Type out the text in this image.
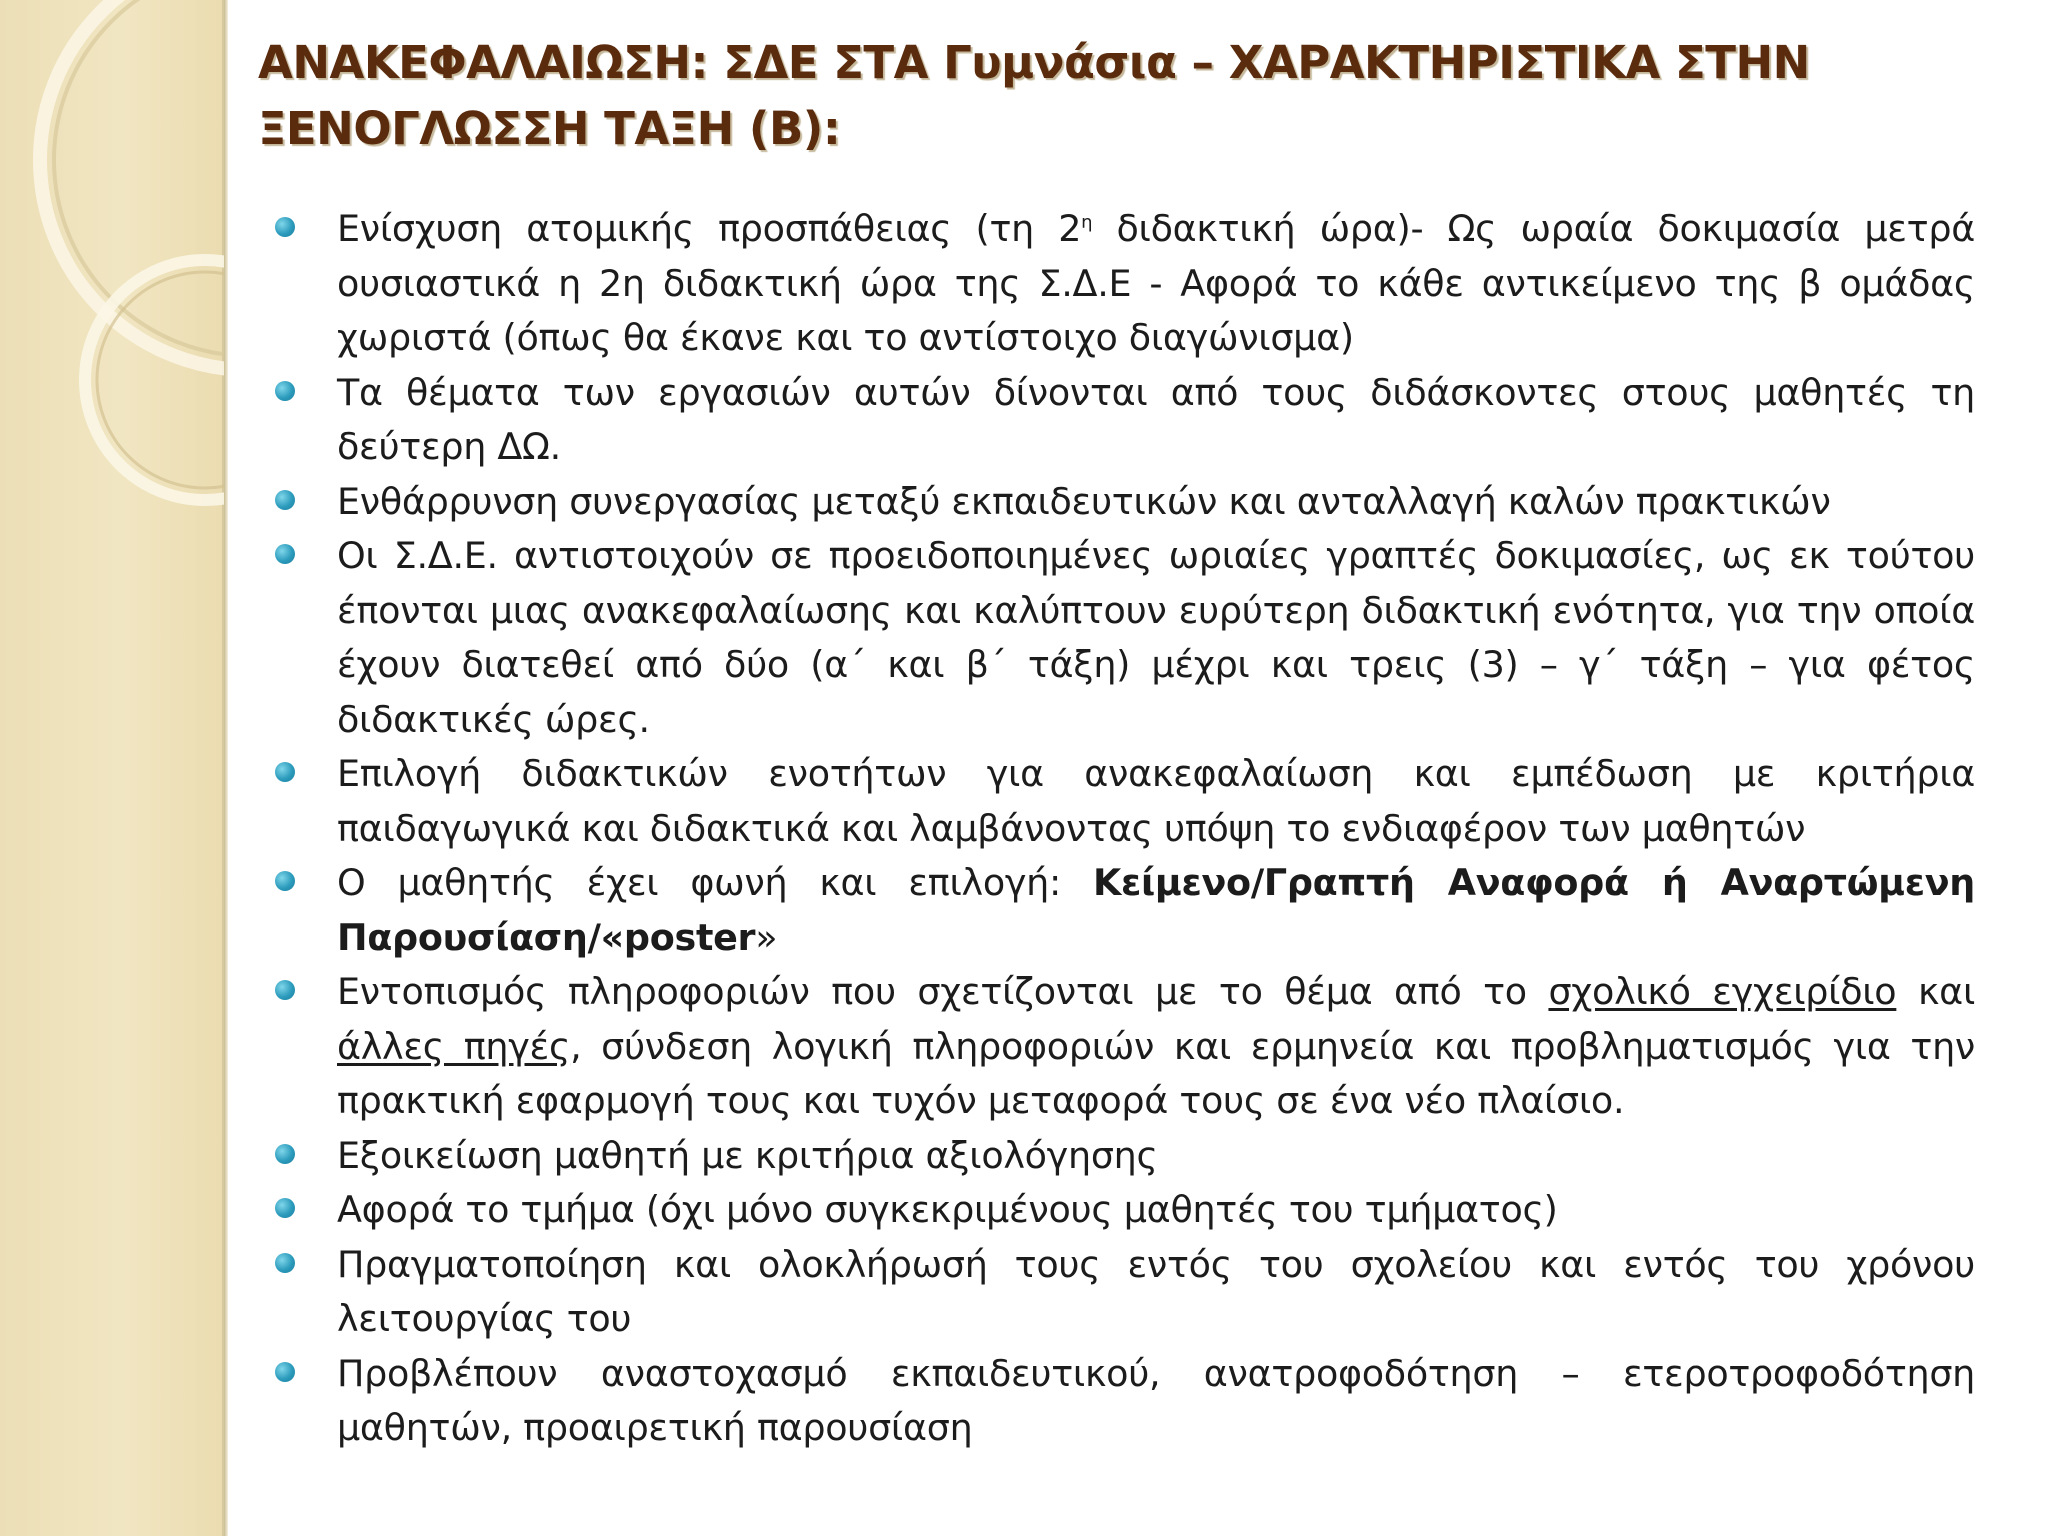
ΑΝΑΚΕΦΑΛΑΙΩΣΗ: ΣΔΕ ΣΤΑ Γυμνάσια – ΧΑΡΑΚΤΗΡΙΣΤΙΚΑ ΣΤΗΝ
ΞΕΝΟΓΛΩΣΣΗ ΤΑΞΗ (Β):
Ενίσχυση ατομικής προσπάθειας (τη $2^\eta$ διδακτική ώρα)- Ως ωραία δοκιμασία μετρά ουσιαστικά η 2η διδακτική ώρα της Σ.Δ.Ε - Αφορά το κάθε αντικείμενο της β ομάδας χωριστά (όπως θα έκανε και το αντίστοιχο διαγώνισμα)
Τα θέματα των εργασιών αυτών δίνονται από τους διδάσκοντες στους μαθητές τη δεύτερη ΔΩ.
Ενθάρρυνση συνεργασίας μεταξύ εκπαιδευτικών και ανταλλαγή καλών πρακτικών
Οι Σ.Δ.Ε. αντιστοιχούν σε προειδοποιημένες ωριαίες γραπτές δοκιμασίες, ως εκ τούτου έπονται μιας ανακεφαλαίωσης και καλύπτουν ευρύτερη διδακτική ενότητα, για την οποία έχουν διατεθεί από δύο (α΄ και β΄ τάξη) μέχρι και τρεις (3) – γ΄ τάξη – για φέτος διδακτικές ώρες.
Επιλογή διδακτικών ενοτήτων για ανακεφαλαίωση και εμπέδωση με κριτήρια παιδαγωγικά και διδακτικά και λαμβάνοντας υπόψη το ενδιαφέρον των μαθητών
Ο μαθητής έχει φωνή και επιλογή: Κείμενο/Γραπτή Αναφορά ή Αναρτώμενη Παρουσίαση/«poster»
Εντοπισμός πληροφοριών που σχετίζονται με το θέμα από το σχολικό εγχειρίδιο και άλλες πηγές, σύνδεση λογική πληροφοριών και ερμηνεία και προβληματισμός για την πρακτική εφαρμογή τους και τυχόν μεταφορά τους σε ένα νέο πλαίσιο.
Εξοικείωση μαθητή με κριτήρια αξιολόγησης
Αφορά το τμήμα (όχι μόνο συγκεκριμένους μαθητές του τμήματος)
Πραγματοποίηση και ολοκλήρωσή τους εντός του σχολείου και εντός του χρόνου λειτουργίας του
Προβλέπουν αναστοχασμό εκπαιδευτικού, ανατροφοδότηση – ετεροτροφοδότηση μαθητών, προαιρετική παρουσίαση
